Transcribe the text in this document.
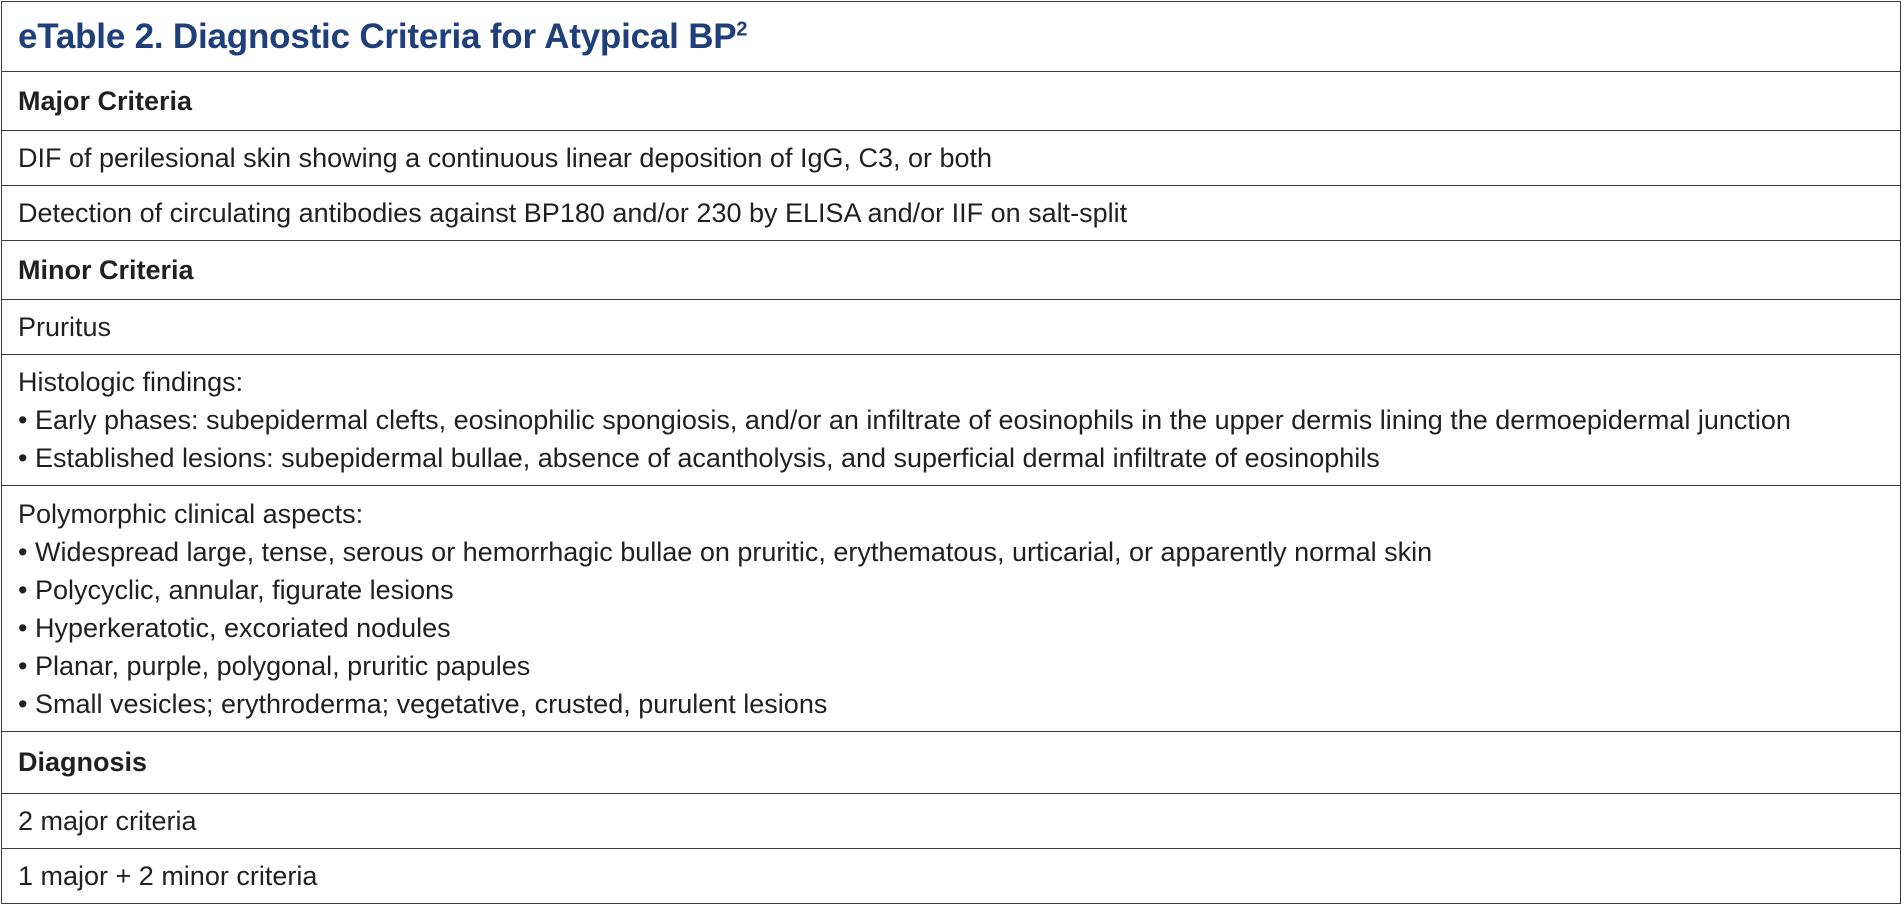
eTable 2. Diagnostic Criteria for Atypical $BP^2$
Major Criteria
DIF of perilesional skin showing a continuous linear deposition of IgG, C3, or both
Detection of circulating antibodies against BP180 and/or 230 by ELISA and/or IIF on salt-split
Minor Criteria
Pruritus
Histologic findings:
• Early phases: subepidermal clefts, eosinophilic spongiosis, and/or an infiltrate of eosinophils in the upper dermis lining the dermoepidermal junction
• Established lesions: subepidermal bullae, absence of acantholysis, and superficial dermal infiltrate of eosinophils
Polymorphic clinical aspects:
• Widespread large, tense, serous or hemorrhagic bullae on pruritic, erythematous, urticarial, or apparently normal skin
• Polycyclic, annular, figurate lesions
• Hyperkeratotic, excoriated nodules
• Planar, purple, polygonal, pruritic papules
• Small vesicles; erythroderma; vegetative, crusted, purulent lesions
Diagnosis
2 major criteria
1 major + 2 minor criteria
